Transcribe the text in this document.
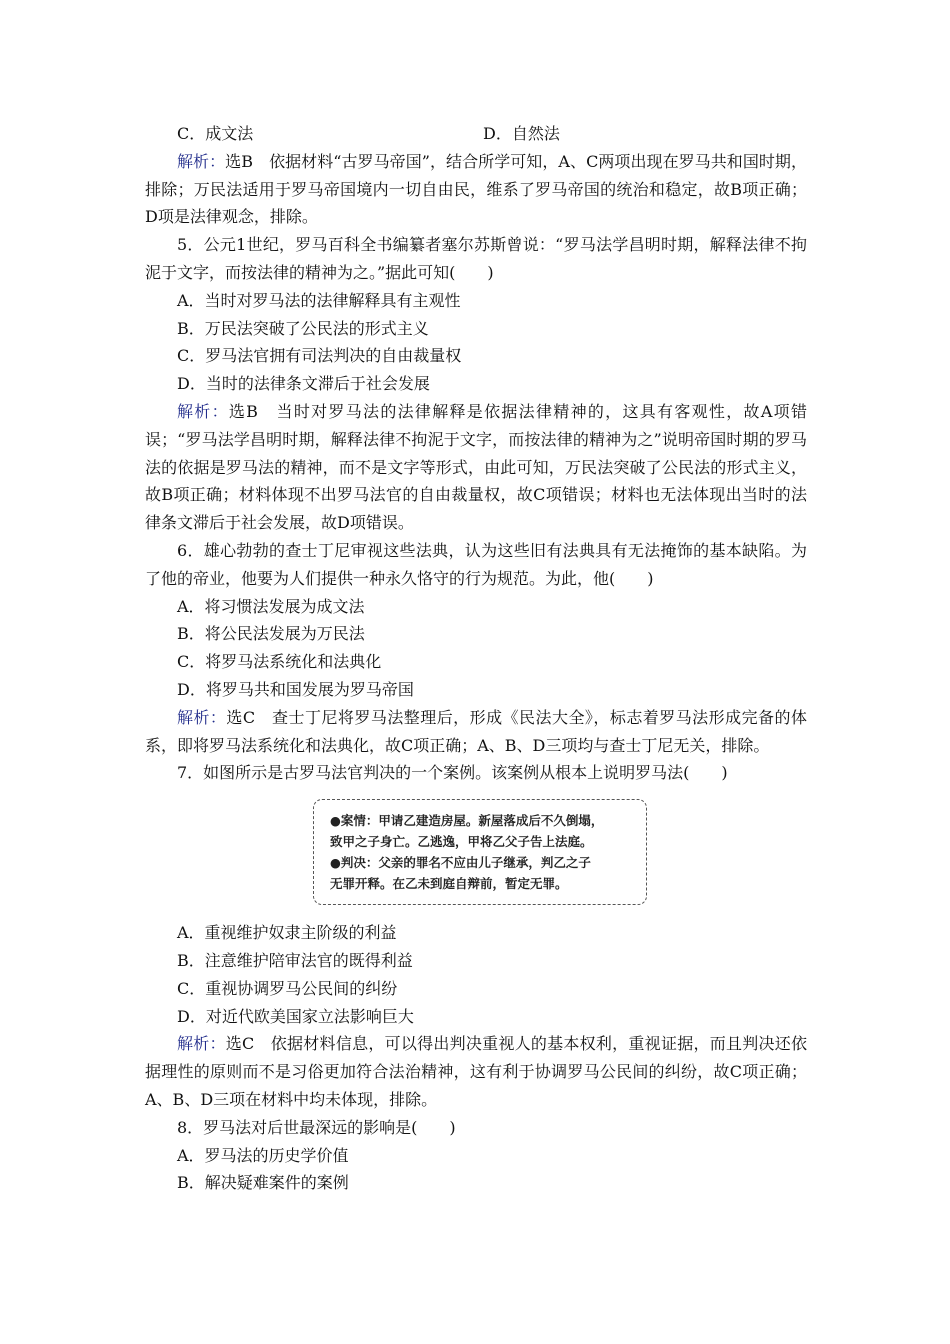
C．成文法	D．自然法
解析：选B　依据材料“古罗马帝国”，结合所学可知，A、C两项出现在罗马共和国时期，排除；万民法适用于罗马帝国境内一切自由民，维系了罗马帝国的统治和稳定，故B项正确；D项是法律观念，排除。
5．公元1世纪，罗马百科全书编纂者塞尔苏斯曾说：“罗马法学昌明时期，解释法律不拘泥于文字，而按法律的精神为之。”据此可知(　　)
A．当时对罗马法的法律解释具有主观性
B．万民法突破了公民法的形式主义
C．罗马法官拥有司法判决的自由裁量权
D．当时的法律条文滞后于社会发展
解析：选B　当时对罗马法的法律解释是依据法律精神的，这具有客观性，故A项错误；“罗马法学昌明时期，解释法律不拘泥于文字，而按法律的精神为之”说明帝国时期的罗马法的依据是罗马法的精神，而不是文字等形式，由此可知，万民法突破了公民法的形式主义，故B项正确；材料体现不出罗马法官的自由裁量权，故C项错误；材料也无法体现出当时的法律条文滞后于社会发展，故D项错误。
6．雄心勃勃的查士丁尼审视这些法典，认为这些旧有法典具有无法掩饰的基本缺陷。为了他的帝业，他要为人们提供一种永久恪守的行为规范。为此，他(　　)
A．将习惯法发展为成文法
B．将公民法发展为万民法
C．将罗马法系统化和法典化
D．将罗马共和国发展为罗马帝国
解析：选C　查士丁尼将罗马法整理后，形成《民法大全》，标志着罗马法形成完备的体系，即将罗马法系统化和法典化，故C项正确；A、B、D三项均与查士丁尼无关，排除。
7．如图所示是古罗马法官判决的一个案例。该案例从根本上说明罗马法(　　)
●案情：甲请乙建造房屋。新屋落成后不久倒塌，
致甲之子身亡。乙逃逸，甲将乙父子告上法庭。
●判决：父亲的罪名不应由儿子继承，判乙之子
无罪开释。在乙未到庭自辩前，暂定无罪。
A．重视维护奴隶主阶级的利益
B．注意维护陪审法官的既得利益
C．重视协调罗马公民间的纠纷
D．对近代欧美国家立法影响巨大
解析：选C　依据材料信息，可以得出判决重视人的基本权利，重视证据，而且判决还依据理性的原则而不是习俗更加符合法治精神，这有利于协调罗马公民间的纠纷，故C项正确；A、B、D三项在材料中均未体现，排除。
8．罗马法对后世最深远的影响是(　　)
A．罗马法的历史学价值
B．解决疑难案件的案例
